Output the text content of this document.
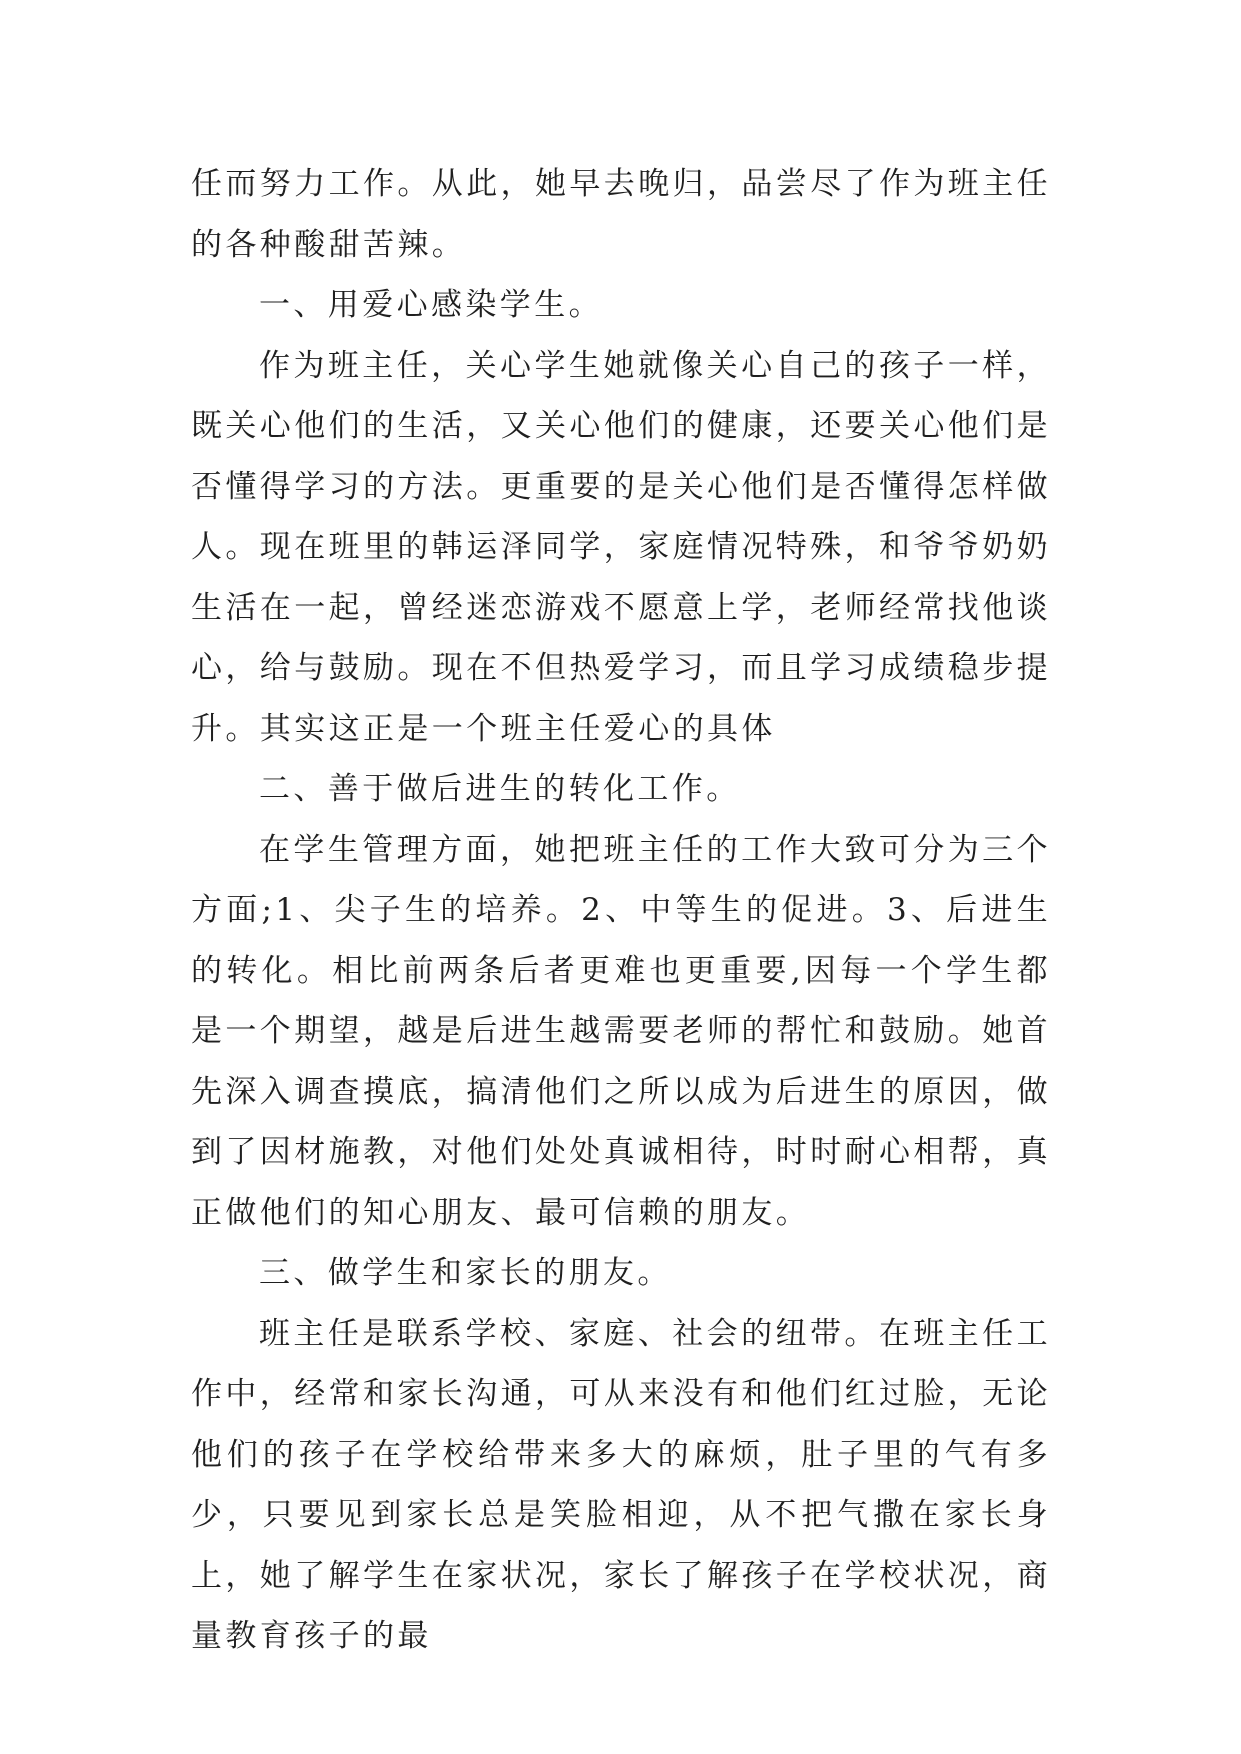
任而努力工作。从此，她早去晚归，品尝尽了作为班主任的各种酸甜苦辣。

一、用爱心感染学生。

作为班主任，关心学生她就像关心自己的孩子一样，既关心他们的生活，又关心他们的健康，还要关心他们是否懂得学习的方法。更重要的是关心他们是否懂得怎样做人。现在班里的韩运泽同学，家庭情况特殊，和爷爷奶奶生活在一起，曾经迷恋游戏不愿意上学，老师经常找他谈心，给与鼓励。现在不但热爱学习，而且学习成绩稳步提升。其实这正是一个班主任爱心的具体

二、善于做后进生的转化工作。

在学生管理方面，她把班主任的工作大致可分为三个方面;1、尖子生的培养。2、中等生的促进。3、后进生的转化。相比前两条后者更难也更重要,因每一个学生都是一个期望，越是后进生越需要老师的帮忙和鼓励。她首先深入调查摸底，搞清他们之所以成为后进生的原因，做到了因材施教，对他们处处真诚相待，时时耐心相帮，真正做他们的知心朋友、最可信赖的朋友。

三、做学生和家长的朋友。

班主任是联系学校、家庭、社会的纽带。在班主任工作中，经常和家长沟通，可从来没有和他们红过脸，无论他们的孩子在学校给带来多大的麻烦，肚子里的气有多少，只要见到家长总是笑脸相迎，从不把气撒在家长身上，她了解学生在家状况，家长了解孩子在学校状况，商量教育孩子的最
